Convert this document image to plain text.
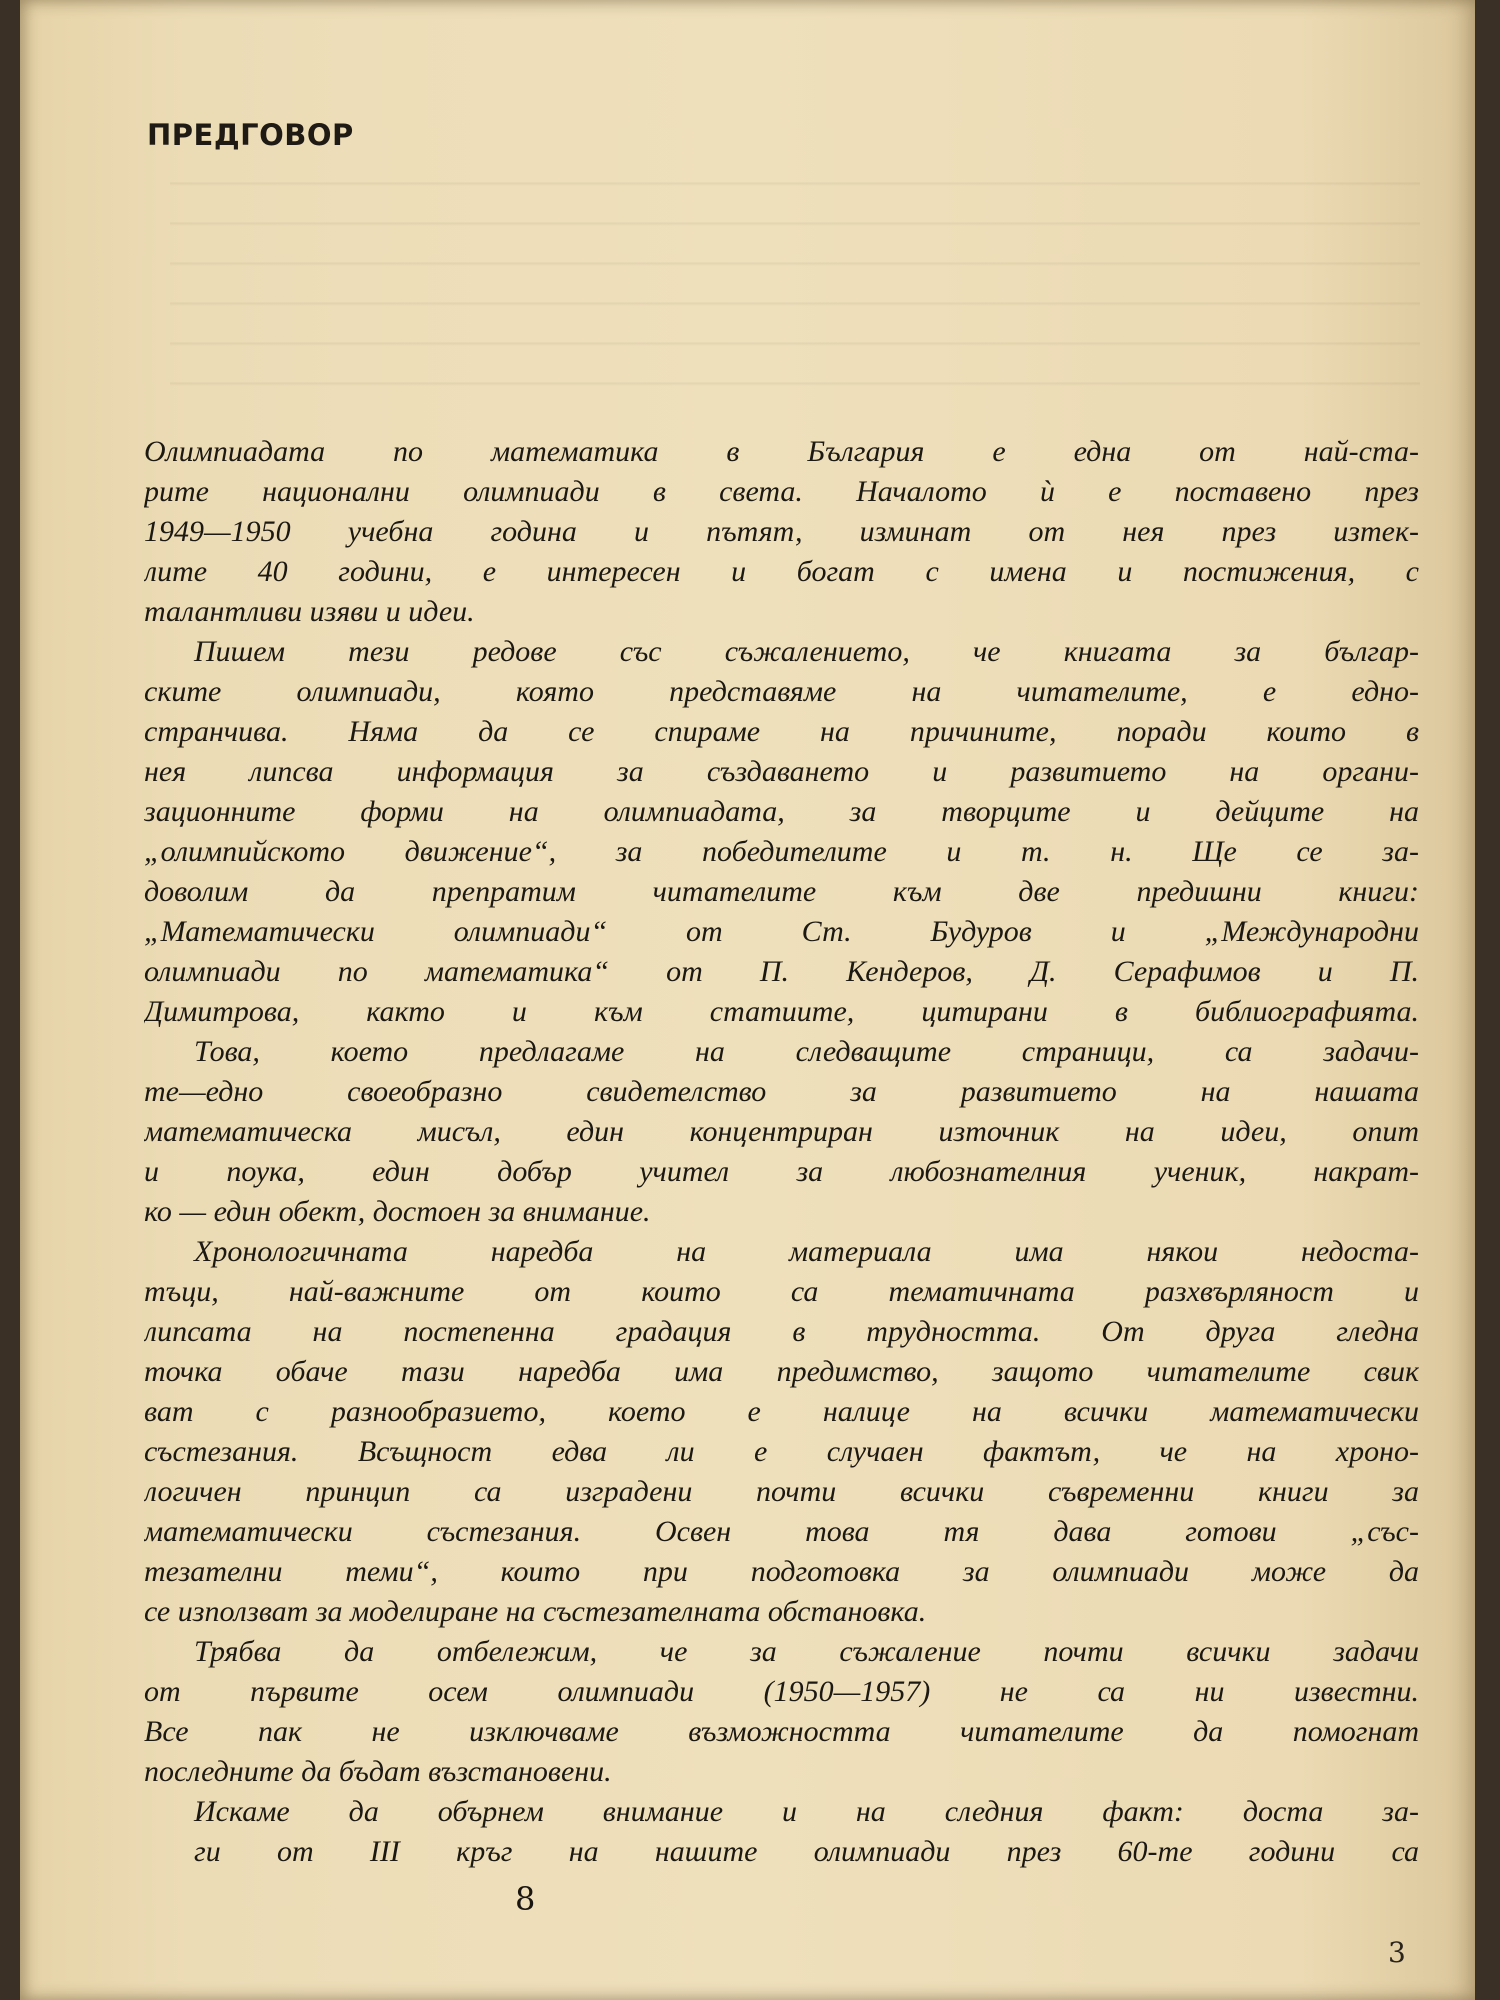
ПРЕДГОВОР
Олимпиадата по математика в България е една от най-ста-
рите национални олимпиади в света. Началото ѝ е поставено през
1949—1950 учебна година и пътят, изминат от нея през изтек-
лите 40 години, е интересен и богат с имена и постижения, с
талантливи изяви и идеи.
Пишем тези редове със съжалението, че книгата за българ-
ските олимпиади, която представяме на читателите, е едно-
странчива. Няма да се спираме на причините, поради които в
нея липсва информация за създаването и развитието на органи-
зационните форми на олимпиадата, за творците и дейците на
„олимпийското движение“, за победителите и т. н. Ще се за-
доволим да препратим читателите към две предишни книги:
„Математически олимпиади“ от Ст. Будуров и „Международни
олимпиади по математика“ от П. Кендеров, Д. Серафимов и П.
Димитрова, както и към статиите, цитирани в библиографията.
Това, което предлагаме на следващите страници, са задачи-
те—едно своеобразно свидетелство за развитието на нашата
математическа мисъл, един концентриран източник на идеи, опит
и поука, един добър учител за любознателния ученик, накрат-
ко — един обект, достоен за внимание.
Хронологичната наредба на материала има някои недоста-
тъци, най-важните от които са тематичната разхвърляност и
липсата на постепенна градация в трудността. От друга гледна
точка обаче тази наредба има предимство, защото читателите свик
ват с разнообразието, което е налице на всички математически
състезания. Всъщност едва ли е случаен фактът, че на хроно-
логичен принцип са изградени почти всички съвременни книги за
математически състезания. Освен това тя дава готови „със-
тезателни теми“, които при подготовка за олимпиади може да
се използват за моделиране на състезателната обстановка.
Трябва да отбележим, че за съжаление почти всички задачи
от първите осем олимпиади (1950—1957) не са ни известни.
Все пак не изключваме възможността читателите да помогнат
последните да бъдат възстановени.
Искаме да обърнем внимание и на следния факт: доста за-
ги от III кръг на нашите олимпиади през 60-те години са
8
3
